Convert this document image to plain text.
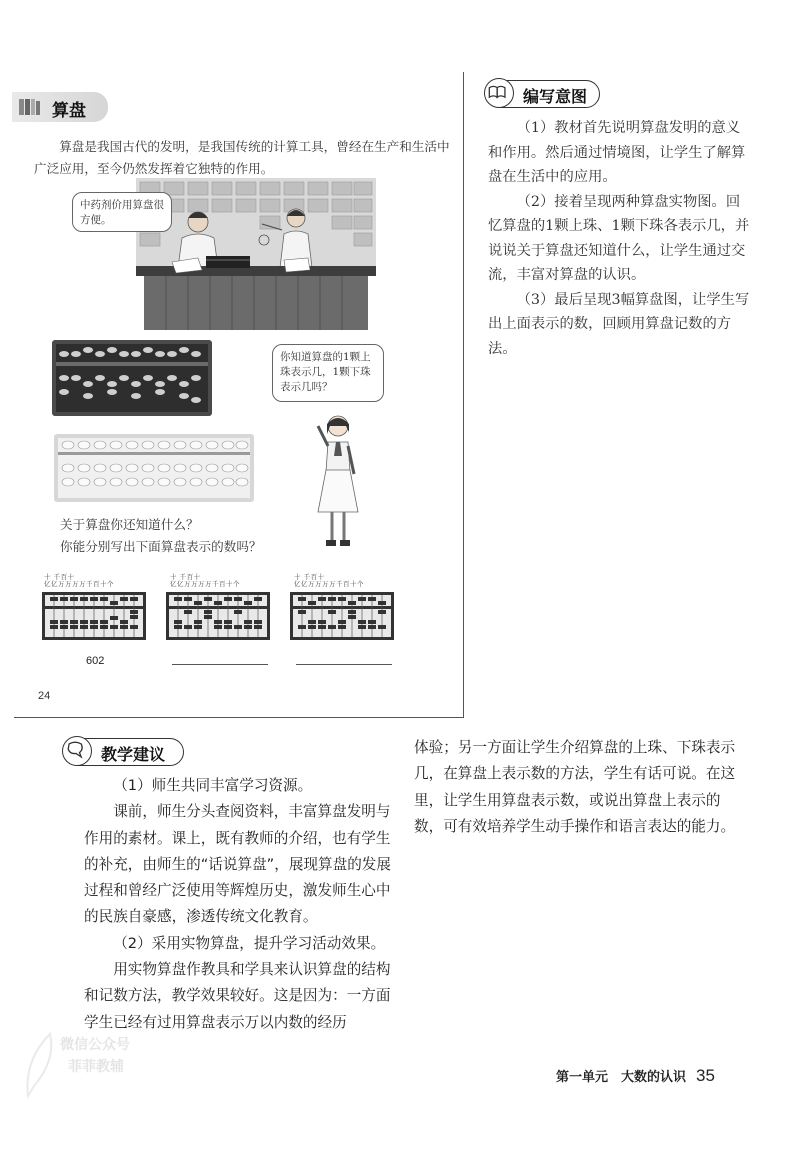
算盘
算盘是我国古代的发明，是我国传统的计算工具，曾经在生产和生活中广泛应用，至今仍然发挥着它独特的作用。
中药剂价用算盘很方便。
你知道算盘的1颗上珠表示几，1颗下珠表示几吗？
关于算盘你还知道什么？
你能分别写出下面算盘表示的数吗？
十 千百十
亿亿万万万万千百十个
十 千百十
亿亿万万万万千百十个
十 千百十
亿亿万万万万千百十个
602
24
编写意图

（1）教材首先说明算盘发明的意义和作用。然后通过情境图，让学生了解算盘在生活中的应用。

（2）接着呈现两种算盘实物图。回忆算盘的1颗上珠、1颗下珠各表示几，并说说关于算盘还知道什么，让学生通过交流，丰富对算盘的认识。

（3）最后呈现3幅算盘图，让学生写出上面表示的数，回顾用算盘记数的方法。

教学建议

（1）师生共同丰富学习资源。

课前，师生分头查阅资料，丰富算盘发明与作用的素材。课上，既有教师的介绍，也有学生的补充，由师生的“话说算盘”，展现算盘的发展过程和曾经广泛使用等辉煌历史，激发师生心中的民族自豪感，渗透传统文化教育。

（2）采用实物算盘，提升学习活动效果。

用实物算盘作教具和学具来认识算盘的结构和记数方法，教学效果较好。这是因为：一方面学生已经有过用算盘表示万以内数的经历

体验；另一方面让学生介绍算盘的上珠、下珠表示几，在算盘上表示数的方法，学生有话可说。在这里，让学生用算盘表示数，或说出算盘上表示的数，可有效培养学生动手操作和语言表达的能力。

微信公众号
菲菲教辅
第一单元　大数的认识 35
